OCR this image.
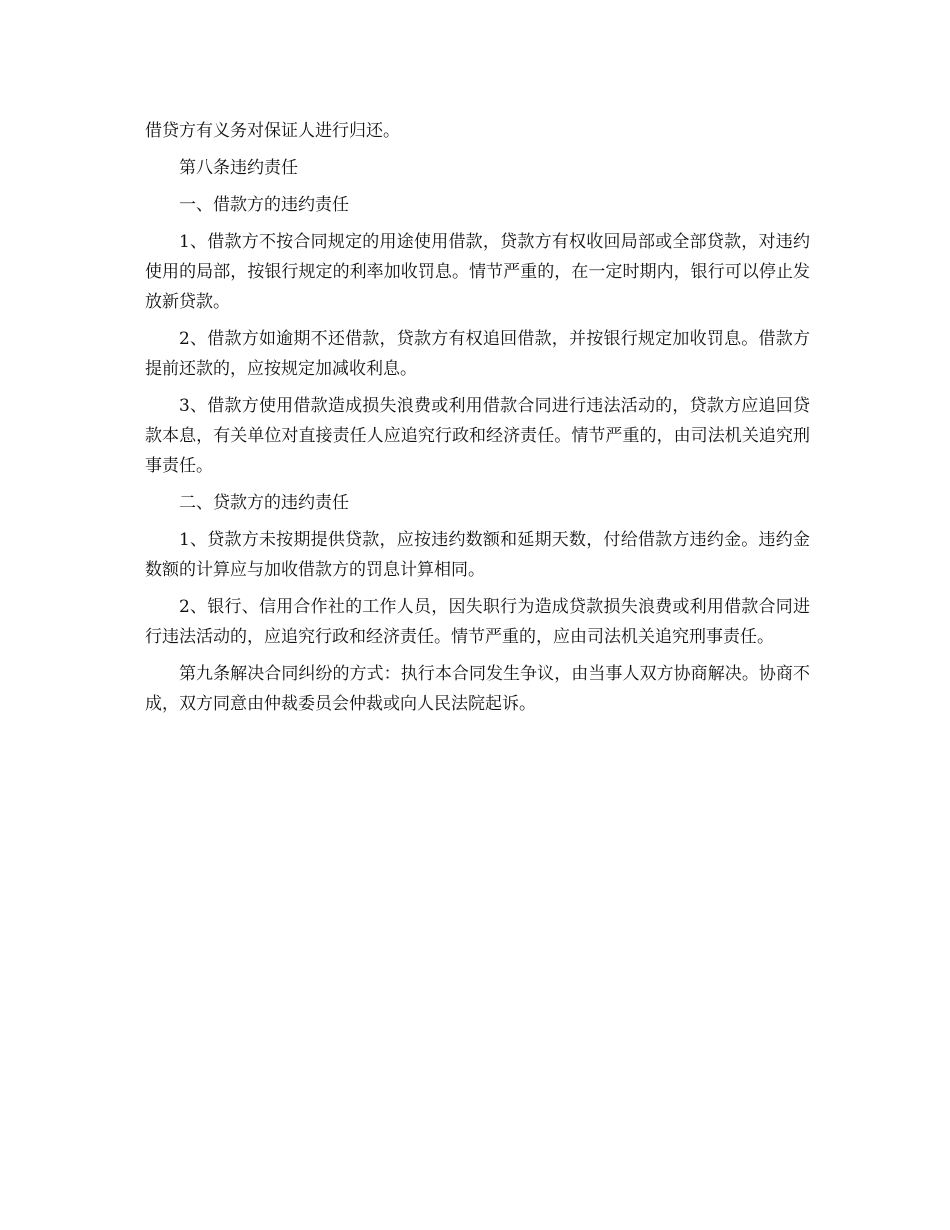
借贷方有义务对保证人进行归还。

第八条违约责任

一、借款方的违约责任

1、借款方不按合同规定的用途使用借款，贷款方有权收回局部或全部贷款，对违约使用的局部，按银行规定的利率加收罚息。情节严重的，在一定时期内，银行可以停止发放新贷款。

2、借款方如逾期不还借款，贷款方有权追回借款，并按银行规定加收罚息。借款方提前还款的，应按规定加减收利息。

3、借款方使用借款造成损失浪费或利用借款合同进行违法活动的，贷款方应追回贷款本息，有关单位对直接责任人应追究行政和经济责任。情节严重的，由司法机关追究刑事责任。

二、贷款方的违约责任

1、贷款方未按期提供贷款，应按违约数额和延期天数，付给借款方违约金。违约金数额的计算应与加收借款方的罚息计算相同。

2、银行、信用合作社的工作人员，因失职行为造成贷款损失浪费或利用借款合同进行违法活动的，应追究行政和经济责任。情节严重的，应由司法机关追究刑事责任。

第九条解决合同纠纷的方式：执行本合同发生争议，由当事人双方协商解决。协商不成，双方同意由仲裁委员会仲裁或向人民法院起诉。
